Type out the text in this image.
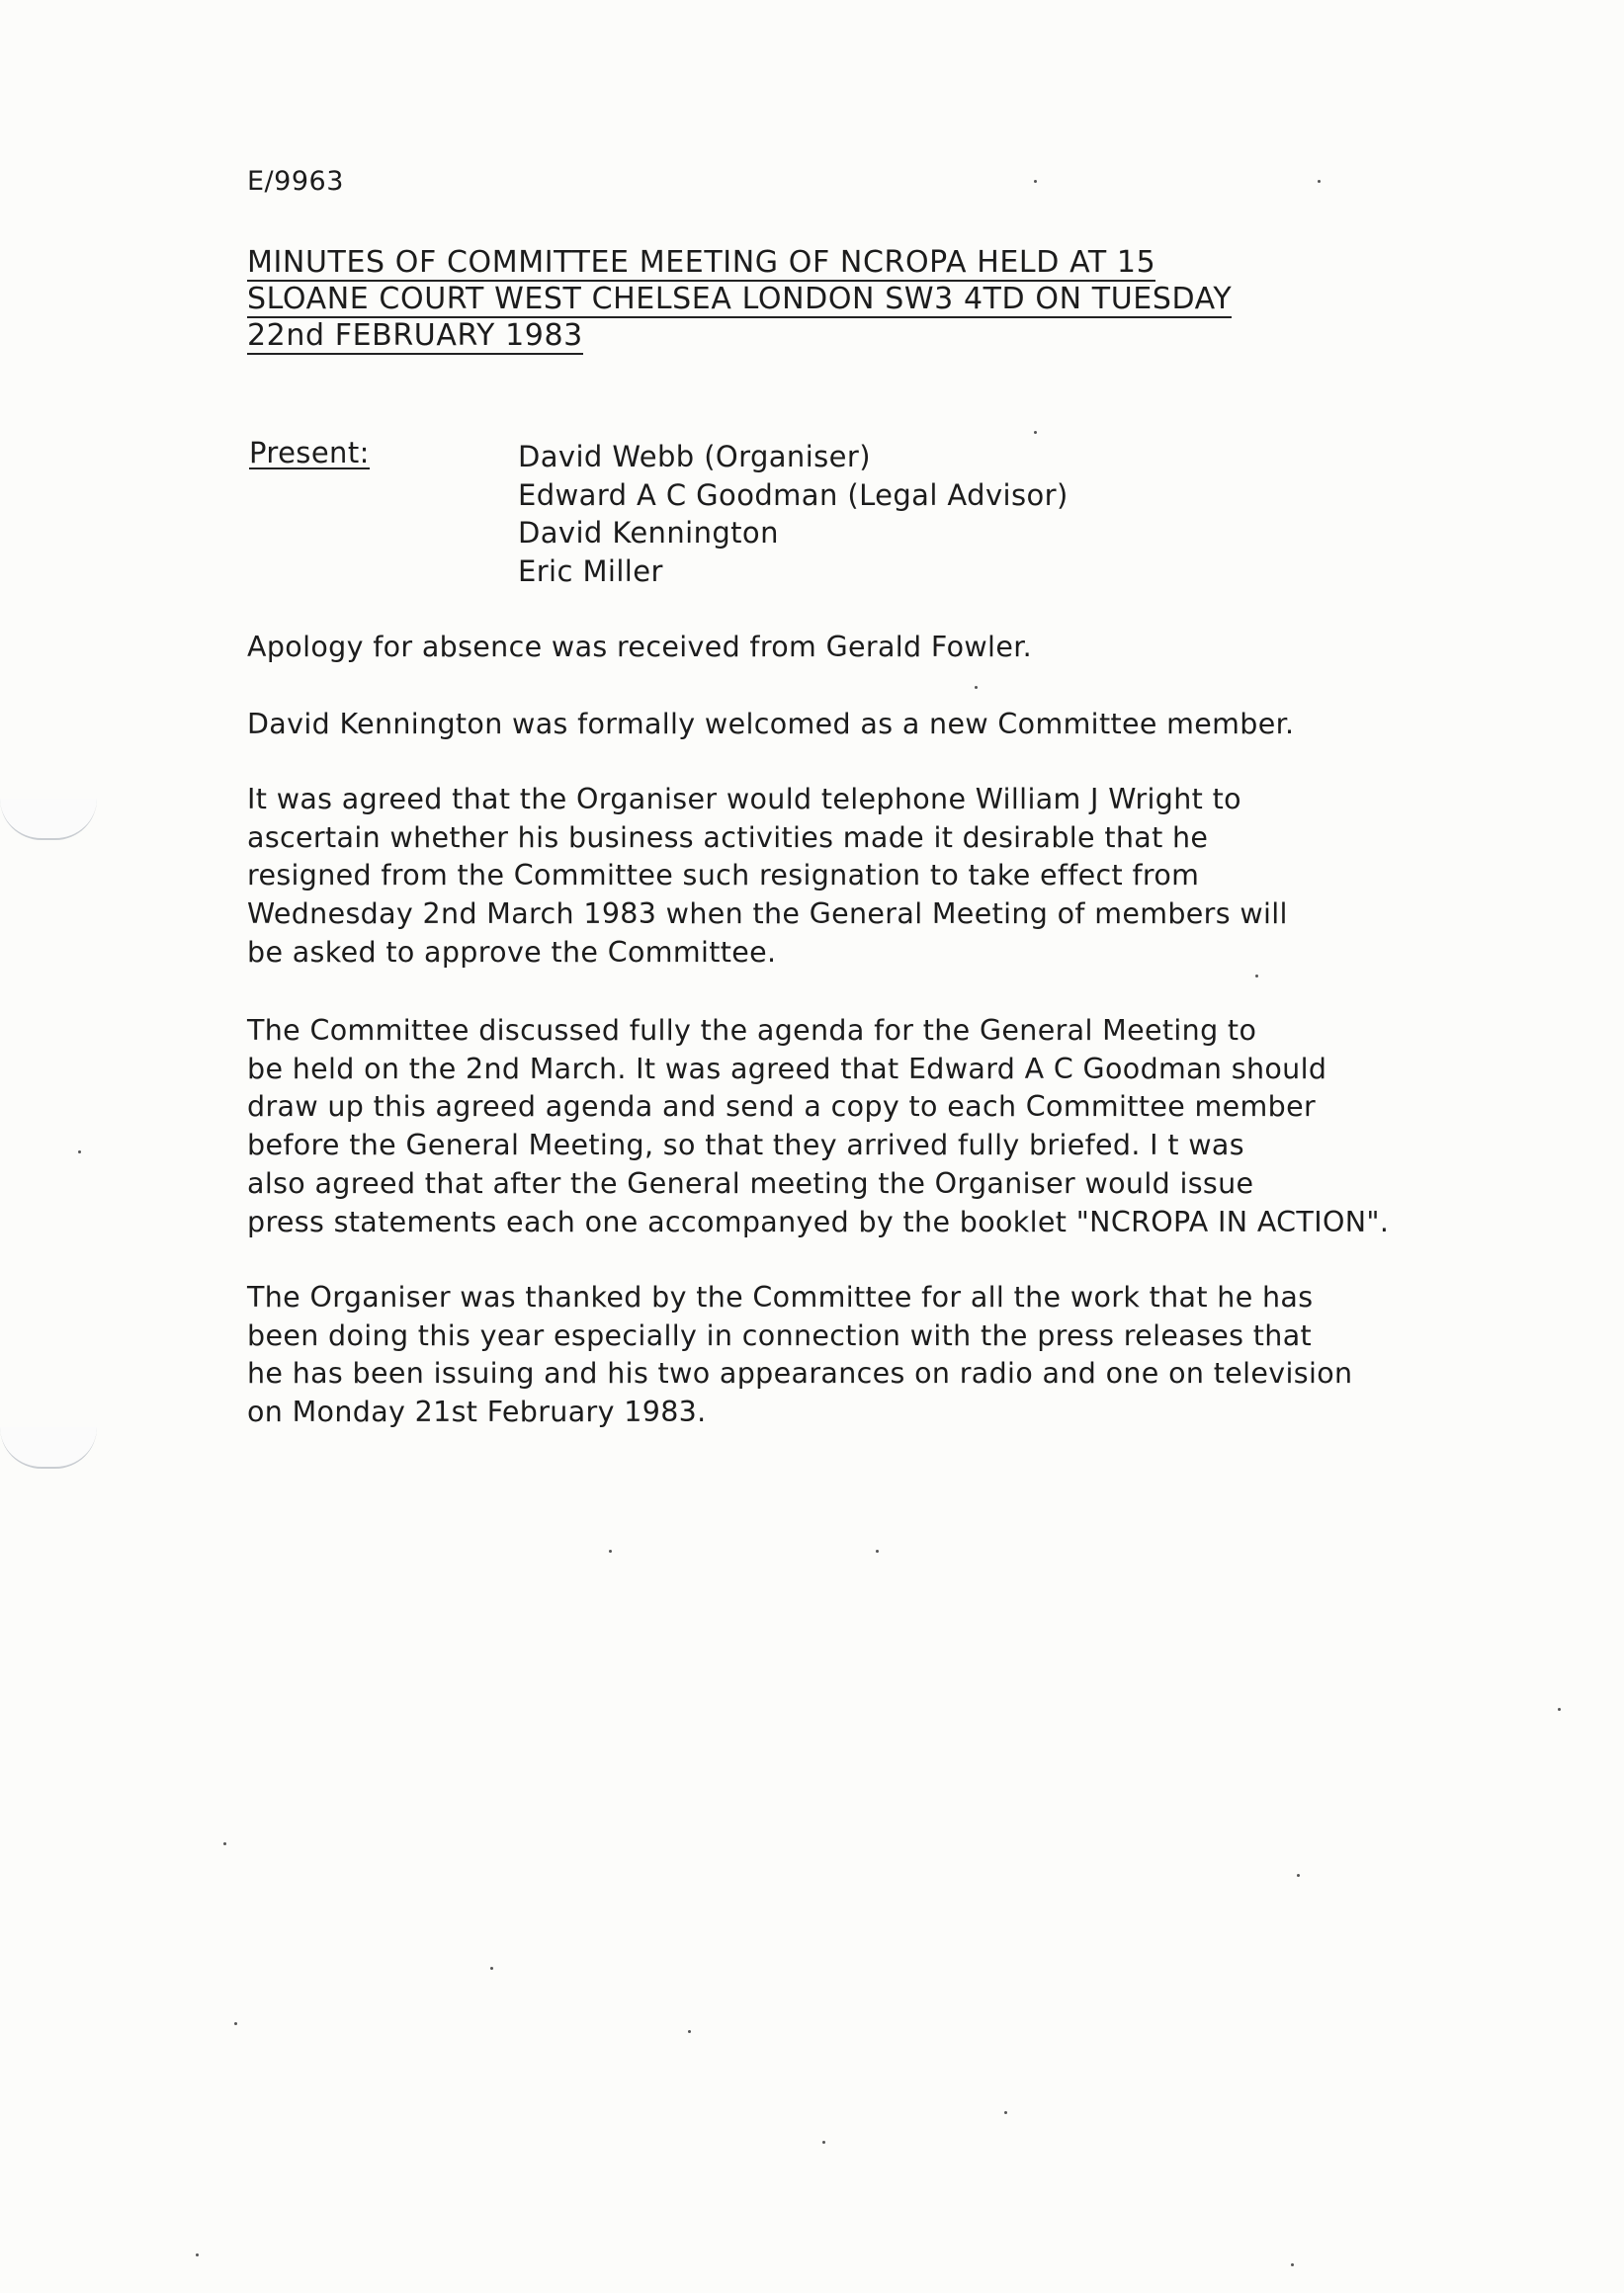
E/9963
MINUTES OF COMMITTEE MEETING OF NCROPA HELD AT 15
SLOANE COURT WEST CHELSEA LONDON SW3 4TD ON TUESDAY
22nd FEBRUARY 1983
Present:	David Webb (Organiser)
Edward A C Goodman (Legal Advisor)
David Kennington
Eric Miller
Apology for absence was received from Gerald Fowler.
David Kennington was formally welcomed as a new Committee member.
It was agreed that the Organiser would telephone William J Wright to
ascertain whether his business activities made it desirable that he
resigned from the Committee such resignation to take effect from
Wednesday 2nd March 1983 when the General Meeting of members will
be asked to approve the Committee.
The Committee discussed fully the agenda for the General Meeting to
be held on the 2nd March. It was agreed that Edward A C Goodman should
draw up this agreed agenda and send a copy to each Committee member
before the General Meeting, so that they arrived fully briefed. I t was
also agreed that after the General meeting the Organiser would issue
press statements each one accompanyed by the booklet "NCROPA IN ACTION".
The Organiser was thanked by the Committee for all the work that he has
been doing this year especially in connection with the press releases that
he has been issuing and his two appearances on radio and one on television
on Monday 21st February 1983.
